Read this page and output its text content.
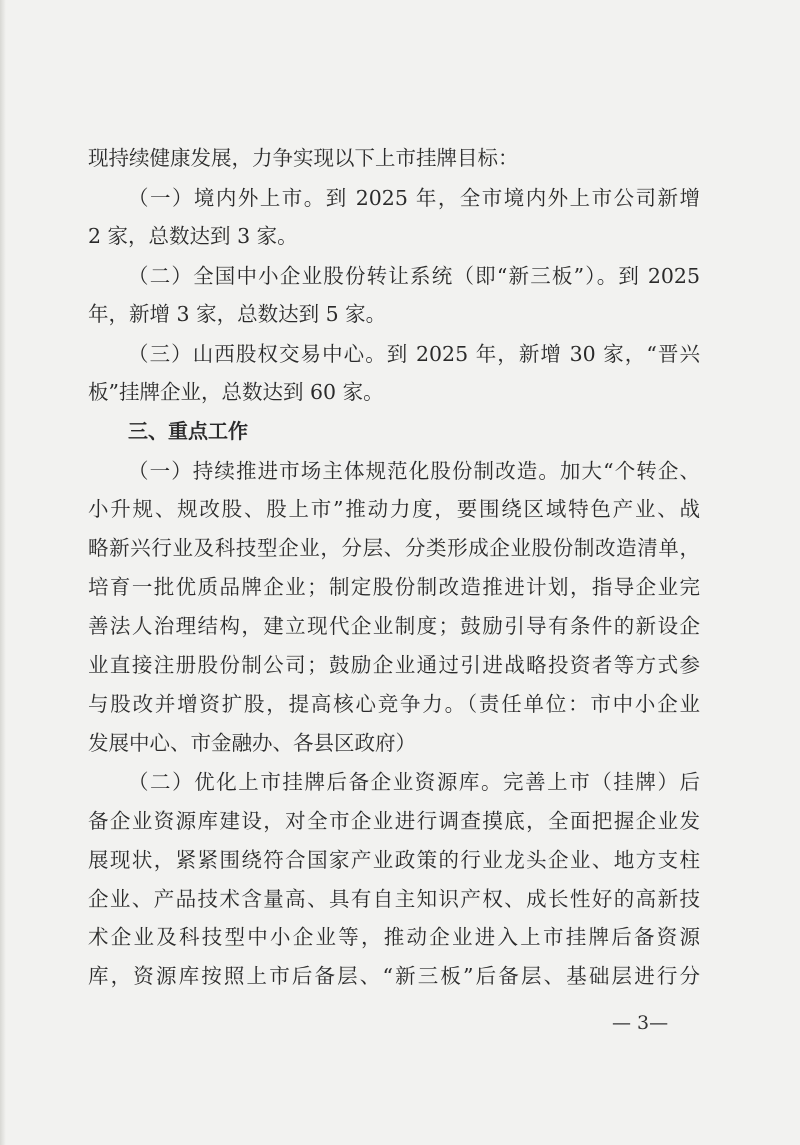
现持续健康发展，力争实现以下上市挂牌目标：
（一）境内外上市。到 2025 年，全市境内外上市公司新增
2 家，总数达到 3 家。
（二）全国中小企业股份转让系统（即“新三板”）。到 2025
年，新增 3 家，总数达到 5 家。
（三）山西股权交易中心。到 2025 年，新增 30 家，“晋兴
板”挂牌企业，总数达到 60 家。
三、重点工作
（一）持续推进市场主体规范化股份制改造。加大“个转企、
小升规、规改股、股上市”推动力度，要围绕区域特色产业、战
略新兴行业及科技型企业，分层、分类形成企业股份制改造清单，
培育一批优质品牌企业；制定股份制改造推进计划，指导企业完
善法人治理结构，建立现代企业制度；鼓励引导有条件的新设企
业直接注册股份制公司；鼓励企业通过引进战略投资者等方式参
与股改并增资扩股，提高核心竞争力。（责任单位：市中小企业
发展中心、市金融办、各县区政府）
（二）优化上市挂牌后备企业资源库。完善上市（挂牌）后
备企业资源库建设，对全市企业进行调查摸底，全面把握企业发
展现状，紧紧围绕符合国家产业政策的行业龙头企业、地方支柱
企业、产品技术含量高、具有自主知识产权、成长性好的高新技
术企业及科技型中小企业等，推动企业进入上市挂牌后备资源
库，资源库按照上市后备层、“新三板”后备层、基础层进行分
— 3—
